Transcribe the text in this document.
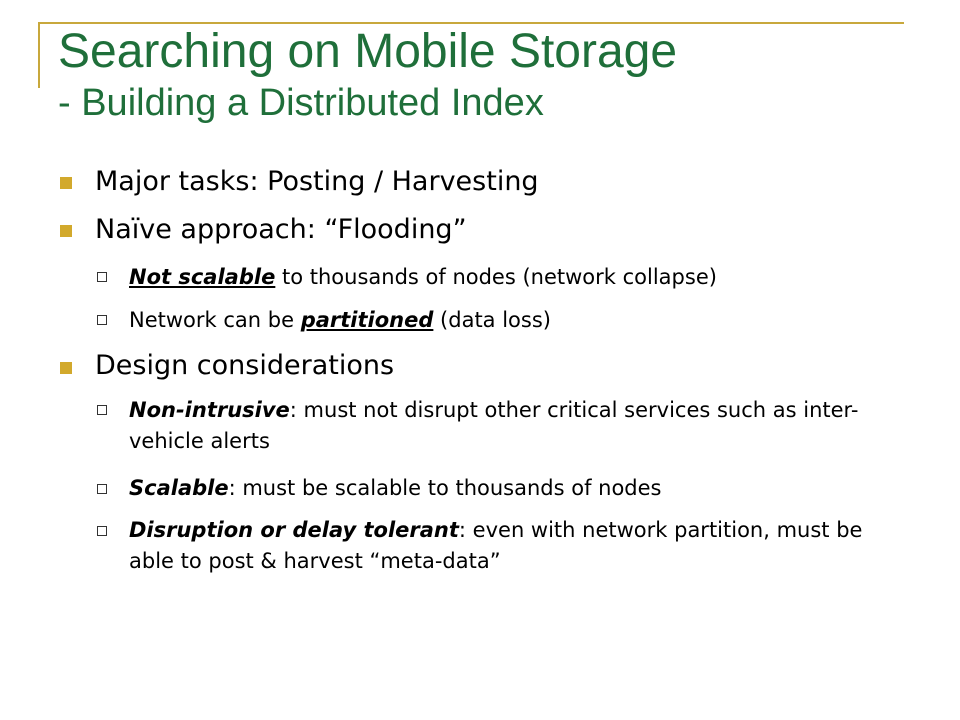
Searching on Mobile Storage
- Building a Distributed Index
Major tasks: Posting / Harvesting
Naïve approach: “Flooding”
Not scalable to thousands of nodes (network collapse)
Network can be partitioned (data loss)
Design considerations
Non-intrusive: must not disrupt other critical services such as inter-vehicle alerts
Scalable: must be scalable to thousands of nodes
Disruption or delay tolerant: even with network partition, must be able to post & harvest “meta-data”
